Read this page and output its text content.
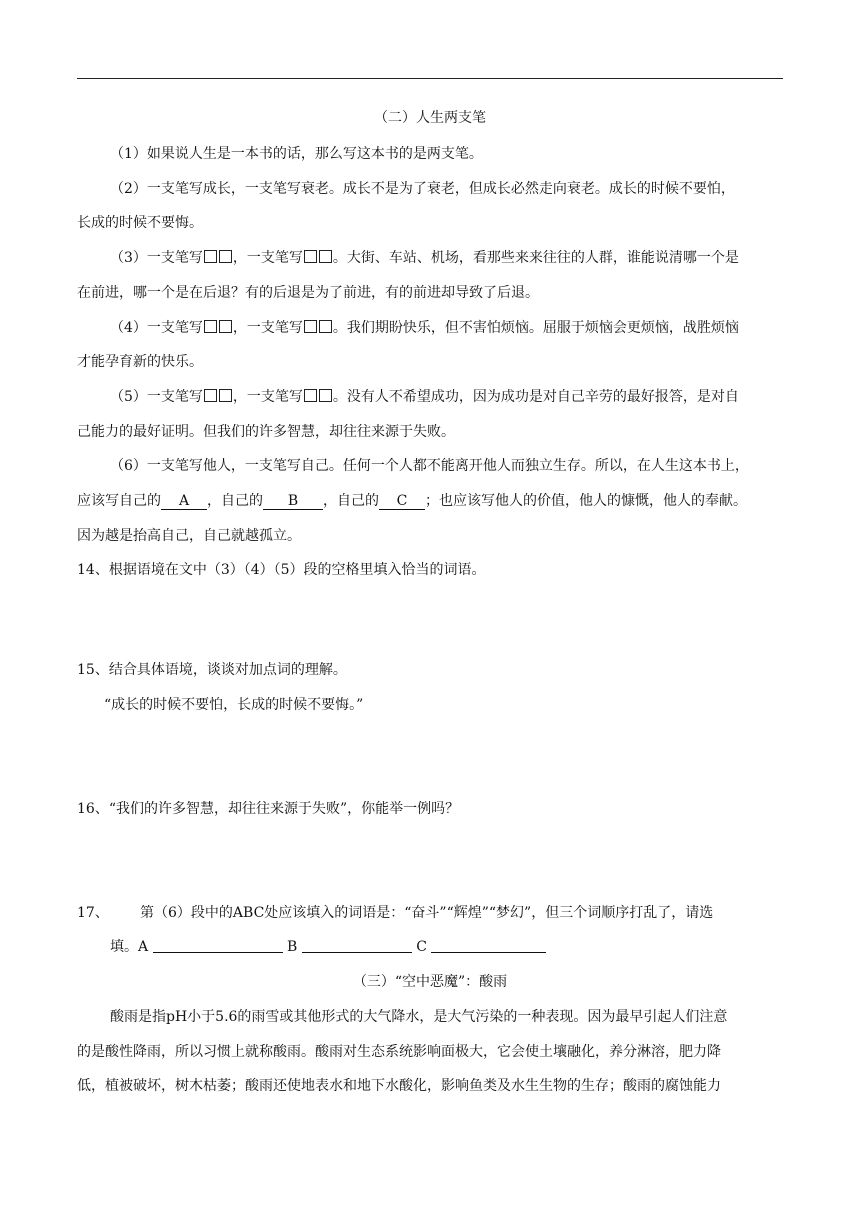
（二）人生两支笔
（1）如果说人生是一本书的话，那么写这本书的是两支笔。
（2）一支笔写成长，一支笔写衰老。成长不是为了衰老，但成长必然走向衰老。成长的时候不要怕，
长成的时候不要悔。
（3）一支笔写 ，一支笔写 。大街、车站、机场，看那些来来往往的人群，谁能说清哪一个是
在前进，哪一个是在后退？有的后退是为了前进，有的前进却导致了后退。
（4）一支笔写 ，一支笔写 。我们期盼快乐，但不害怕烦恼。屈服于烦恼会更烦恼，战胜烦恼
才能孕育新的快乐。
（5）一支笔写 ，一支笔写 。没有人不希望成功，因为成功是对自己辛劳的最好报答，是对自
己能力的最好证明。但我们的许多智慧，却往往来源于失败。
（6）一支笔写他人，一支笔写自己。任何一个人都不能离开他人而独立生存。所以，在人生这本书上，
应该写自己的 A ，自己的 B ，自己的 C ；也应该写他人的价值，他人的慷慨，他人的奉献。
因为越是抬高自己，自己就越孤立。
14、根据语境在文中（3）（4）（5）段的空格里填入恰当的词语。
15、结合具体语境，谈谈对加点词的理解。
“成长的时候不要怕，长成的时候不要悔。”
16、“我们的许多智慧，却往往来源于失败”，你能举一例吗？
17、 第（6）段中的ABC处应该填入的词语是：“奋斗”“辉煌”“梦幻”，但三个词顺序打乱了，请选
填。A	B	C
（三）“空中恶魔”：酸雨
酸雨是指pH小于5.6的雨雪或其他形式的大气降水，是大气污染的一种表现。因为最早引起人们注意
的是酸性降雨，所以习惯上就称酸雨。酸雨对生态系统影响面极大，它会使土壤融化，养分淋溶，肥力降
低，植被破坏，树木枯萎；酸雨还使地表水和地下水酸化，影响鱼类及水生生物的生存；酸雨的腐蚀能力
